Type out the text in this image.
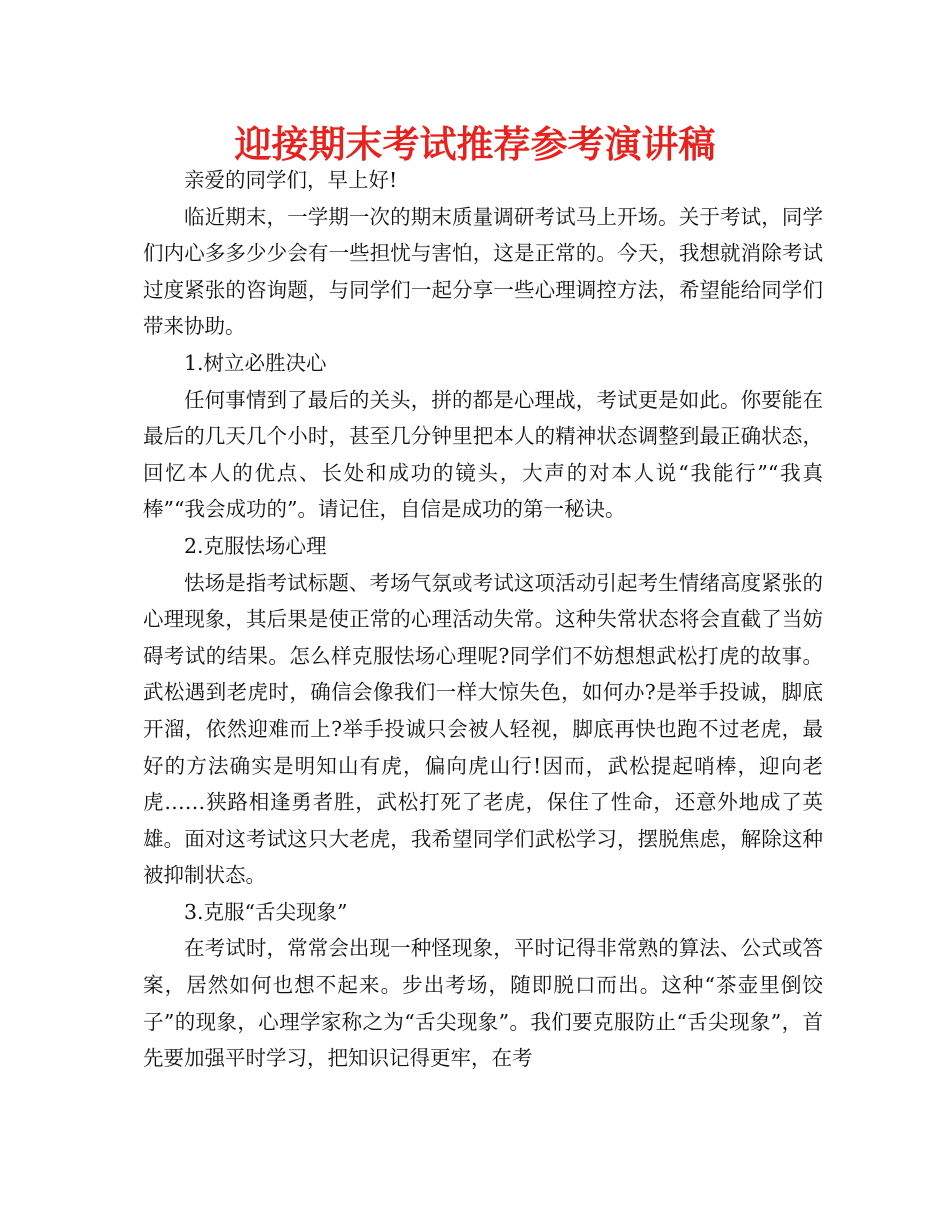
迎接期末考试推荐参考演讲稿

亲爱的同学们，早上好!

临近期末，一学期一次的期末质量调研考试马上开场。关于考试，同学们内心多多少少会有一些担忧与害怕，这是正常的。今天，我想就消除考试过度紧张的咨询题，与同学们一起分享一些心理调控方法，希望能给同学们带来协助。

1.树立必胜决心

任何事情到了最后的关头，拼的都是心理战，考试更是如此。你要能在最后的几天几个小时，甚至几分钟里把本人的精神状态调整到最正确状态，回忆本人的优点、长处和成功的镜头，大声的对本人说“我能行”“我真棒”“我会成功的”。请记住，自信是成功的第一秘诀。

2.克服怯场心理

怯场是指考试标题、考场气氛或考试这项活动引起考生情绪高度紧张的心理现象，其后果是使正常的心理活动失常。这种失常状态将会直截了当妨碍考试的结果。怎么样克服怯场心理呢?同学们不妨想想武松打虎的故事。武松遇到老虎时，确信会像我们一样大惊失色，如何办?是举手投诚，脚底开溜，依然迎难而上?举手投诚只会被人轻视，脚底再快也跑不过老虎，最好的方法确实是明知山有虎，偏向虎山行!因而，武松提起哨棒，迎向老虎……狭路相逢勇者胜，武松打死了老虎，保住了性命，还意外地成了英雄。面对这考试这只大老虎，我希望同学们武松学习，摆脱焦虑，解除这种被抑制状态。

3.克服“舌尖现象”

在考试时，常常会出现一种怪现象，平时记得非常熟的算法、公式或答案，居然如何也想不起来。步出考场，随即脱口而出。这种“茶壶里倒饺子”的现象，心理学家称之为“舌尖现象”。我们要克服防止“舌尖现象”，首先要加强平时学习，把知识记得更牢，在考
